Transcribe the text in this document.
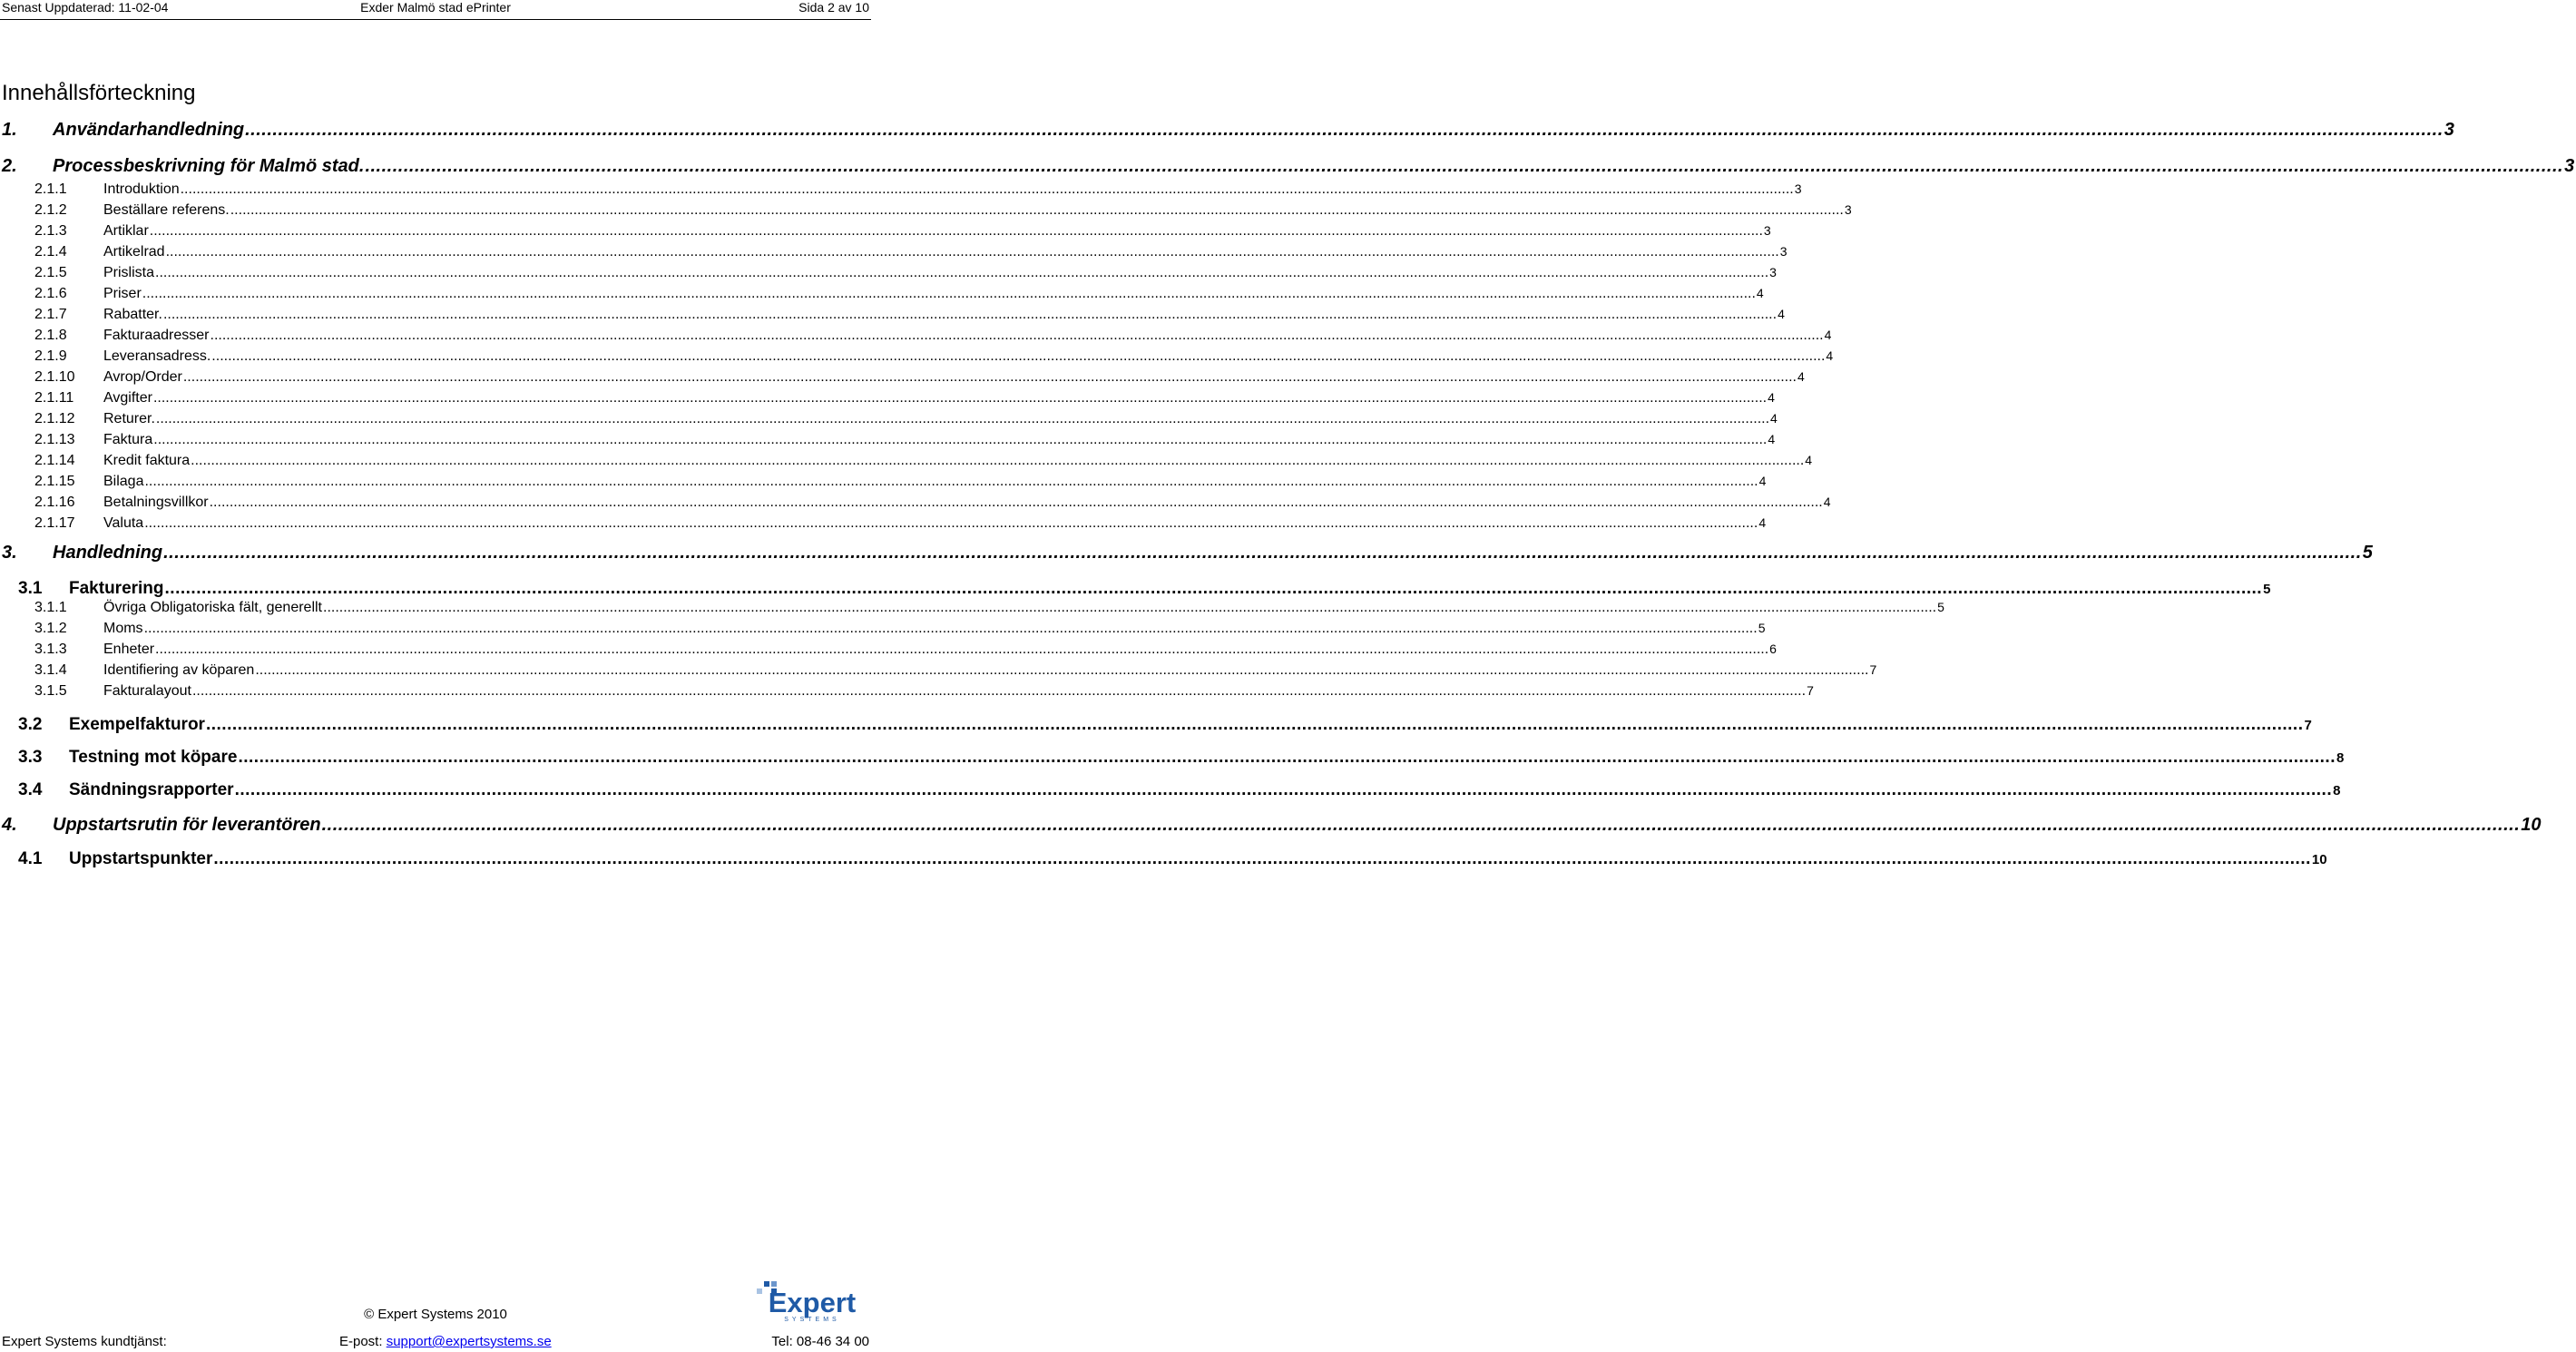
Senast Uppdaterad: 11-02-04	Exder Malmö stad ePrinter	Sida 2 av 10
Innehållsförteckning
1.	Användarhandledning ................................................................................................................................................................................................................................................................................................................................................................................................................ 3
2.	Processbeskrivning för Malmö stad. ................................................................................................................................................................................................................................................................................................................................................................................................................ 3
2.1.1	Introduktion ................................................................................................................................................................................................................................................................................................................................................................................................................ 3
2.1.2	Beställare referens. ................................................................................................................................................................................................................................................................................................................................................................................................................ 3
2.1.3	Artiklar ................................................................................................................................................................................................................................................................................................................................................................................................................ 3
2.1.4	Artikelrad ................................................................................................................................................................................................................................................................................................................................................................................................................ 3
2.1.5	Prislista ................................................................................................................................................................................................................................................................................................................................................................................................................ 3
2.1.6	Priser ................................................................................................................................................................................................................................................................................................................................................................................................................ 4
2.1.7	Rabatter. ................................................................................................................................................................................................................................................................................................................................................................................................................ 4
2.1.8	Fakturaadresser ................................................................................................................................................................................................................................................................................................................................................................................................................ 4
2.1.9	Leveransadress. ................................................................................................................................................................................................................................................................................................................................................................................................................ 4
2.1.10	Avrop/Order ................................................................................................................................................................................................................................................................................................................................................................................................................ 4
2.1.11	Avgifter ................................................................................................................................................................................................................................................................................................................................................................................................................ 4
2.1.12	Returer. ................................................................................................................................................................................................................................................................................................................................................................................................................ 4
2.1.13	Faktura ................................................................................................................................................................................................................................................................................................................................................................................................................ 4
2.1.14	Kredit faktura ................................................................................................................................................................................................................................................................................................................................................................................................................ 4
2.1.15	Bilaga ................................................................................................................................................................................................................................................................................................................................................................................................................ 4
2.1.16	Betalningsvillkor ................................................................................................................................................................................................................................................................................................................................................................................................................ 4
2.1.17	Valuta ................................................................................................................................................................................................................................................................................................................................................................................................................ 4
3.	Handledning ................................................................................................................................................................................................................................................................................................................................................................................................................ 5
3.1	Fakturering ................................................................................................................................................................................................................................................................................................................................................................................................................ 5
3.1.1	Övriga Obligatoriska fält, generellt ................................................................................................................................................................................................................................................................................................................................................................................................................ 5
3.1.2	Moms ................................................................................................................................................................................................................................................................................................................................................................................................................ 5
3.1.3	Enheter ................................................................................................................................................................................................................................................................................................................................................................................................................ 6
3.1.4	Identifiering av köparen ................................................................................................................................................................................................................................................................................................................................................................................................................ 7
3.1.5	Fakturalayout ................................................................................................................................................................................................................................................................................................................................................................................................................ 7
3.2	Exempelfakturor ................................................................................................................................................................................................................................................................................................................................................................................................................ 7
3.3	Testning mot köpare ................................................................................................................................................................................................................................................................................................................................................................................................................ 8
3.4	Sändningsrapporter ................................................................................................................................................................................................................................................................................................................................................................................................................ 8
4.	Uppstartsrutin för leverantören ................................................................................................................................................................................................................................................................................................................................................................................................................ 10
4.1	Uppstartspunkter ................................................................................................................................................................................................................................................................................................................................................................................................................ 10
Expert
SYSTEMS
© Expert Systems 2010
Expert Systems kundtjänst:	E-post: support@expertsystems.se	Tel: 08-46 34 00
